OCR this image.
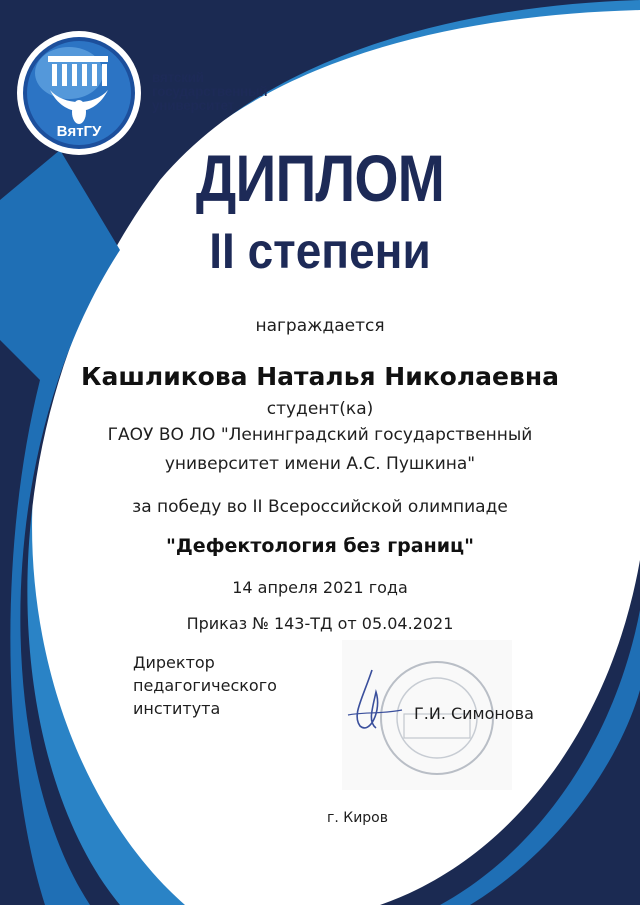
ВятГУ
вятский
государственный
университет
ДИПЛОМ
II степени
награждается
Кашликова Наталья Николаевна
студент(ка)
ГАОУ ВО ЛО "Ленинградский государственный
университет имени А.С. Пушкина"
за победу во II Всероссийской олимпиаде
"Дефектология без границ"
14 апреля 2021 года
Приказ № 143-ТД от 05.04.2021
Директор
педагогического
института	Г.И. Симонова
г. Киров
